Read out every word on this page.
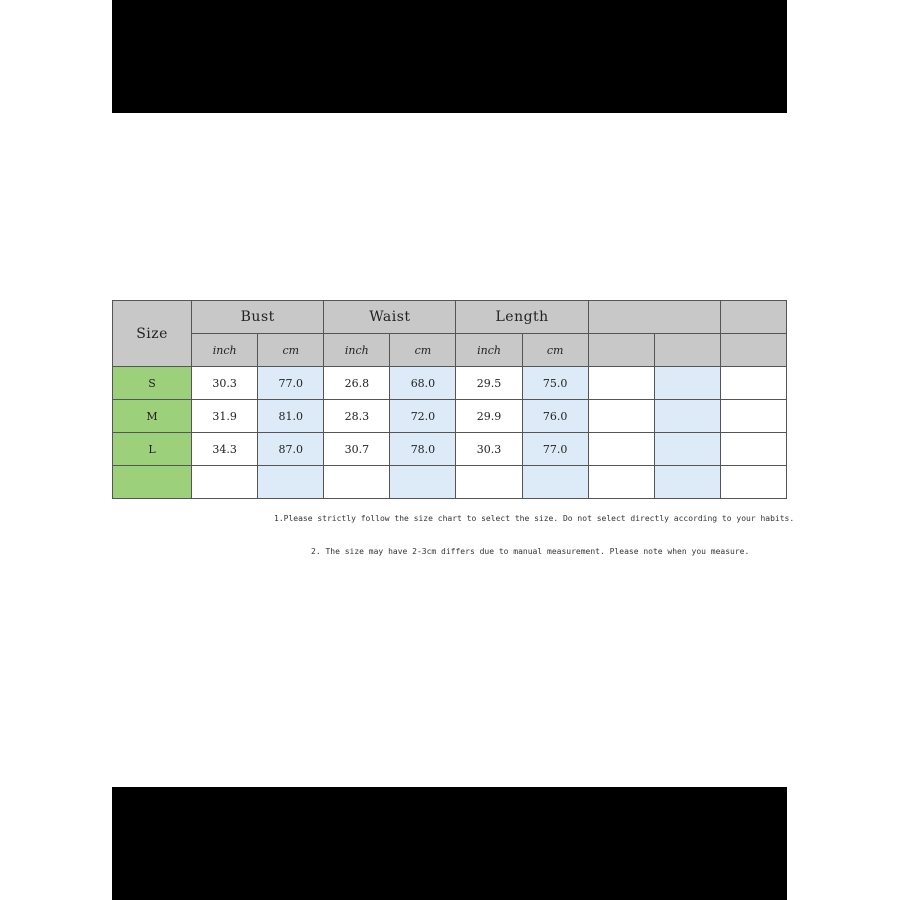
Size	Bust		Waist		Length				
	inch	cm	inch	cm	inch	cm			
S	30.3	77.0	26.8	68.0	29.5	75.0			
M	31.9	81.0	28.3	72.0	29.9	76.0			
L	34.3	87.0	30.7	78.0	30.3	77.0			

1.Please strictly follow the size chart to select the size. Do not select directly according to your habits.
2. The size may have 2-3cm differs due to manual measurement. Please note when you measure.
